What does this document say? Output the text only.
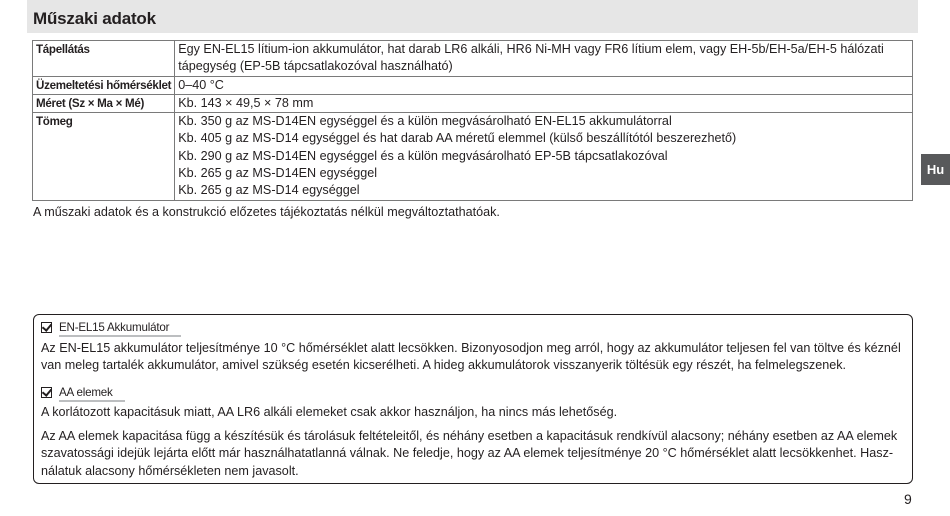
Műszaki adatok
Tápellátás	Egy EN-EL15 lítium-ion akkumulátor, hat darab LR6 alkáli, HR6 Ni-MH vagy FR6 lítium elem, vagy EH-5b/EH-5a/EH-5 hálózati
tápegység (EP-5B tápcsatlakozóval használható)

Üzemeltetési hőmérséklet	0–40 °C

Méret (Sz × Ma × Mé)	Kb. 143 × 49,5 × 78 mm

Tömeg	Kb. 350 g az MS-D14EN egységgel és a külön megvásárolható EN-EL15 akkumulátorral
Kb. 405 g az MS-D14 egységgel és hat darab AA méretű elemmel (külső beszállítótól beszerezhető)
Kb. 290 g az MS-D14EN egységgel és a külön megvásárolható EP-5B tápcsatlakozóval
Kb. 265 g az MS-D14EN egységgel
Kb. 265 g az MS-D14 egységgel
A műszaki adatok és a konstrukció előzetes tájékoztatás nélkül megváltoztathatóak.
Hu
EN-EL15 Akkumulátor

Az EN-EL15 akkumulátor teljesítménye 10 °C hőmérséklet alatt lecsökken. Bizonyosodjon meg arról, hogy az akkumulátor teljesen fel van töltve és kéznél van meleg tartalék akkumulátor, amivel szükség esetén kicserélheti. A hideg akkumulátorok visszanyerik töltésük egy részét, ha felmelegszenek.

AA elemek

A korlátozott kapacitásuk miatt, AA LR6 alkáli elemeket csak akkor használjon, ha nincs más lehetőség.

Az AA elemek kapacitása függ a készítésük és tárolásuk feltételeitől, és néhány esetben a kapacitásuk rendkívül alacsony; néhány esetben az AA elemek szavatossági idejük lejárta előtt már használhatatlanná válnak. Ne feledje, hogy az AA elemek teljesítménye 20 °C hőmérséklet alatt lecsökkenhet. Hasz-nálatuk alacsony hőmérsékleten nem javasolt.

9
